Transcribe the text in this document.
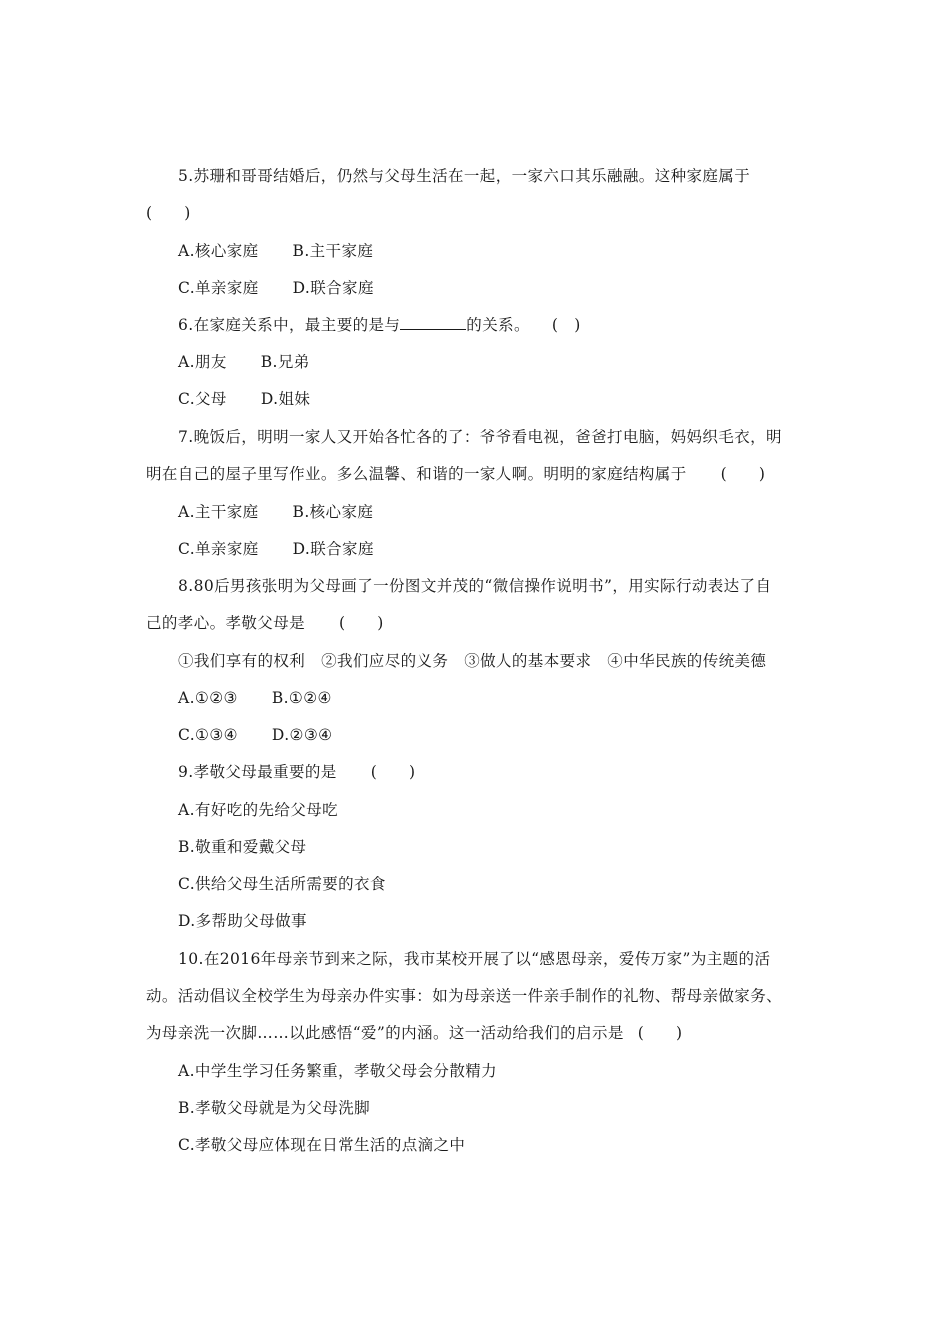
5.苏珊和哥哥结婚后，仍然与父母生活在一起，一家六口其乐融融。这种家庭属于
(　　)
A.核心家庭 B.主干家庭
C.单亲家庭 D.联合家庭
6.在家庭关系中，最主要的是与	的关系。 (　)
A.朋友 B.兄弟
C.父母 D.姐妹
7.晚饭后，明明一家人又开始各忙各的了：爷爷看电视，爸爸打电脑，妈妈织毛衣，明
明在自己的屋子里写作业。多么温馨、和谐的一家人啊。明明的家庭结构属于 (　　)
A.主干家庭 B.核心家庭
C.单亲家庭 D.联合家庭
8.80后男孩张明为父母画了一份图文并茂的“微信操作说明书”，用实际行动表达了自
己的孝心。孝敬父母是 (　　)
①我们享有的权利　②我们应尽的义务　③做人的基本要求　④中华民族的传统美德
A.①②③ B.①②④
C.①③④ D.②③④
9.孝敬父母最重要的是 (　　)
A.有好吃的先给父母吃
B.敬重和爱戴父母
C.供给父母生活所需要的衣食
D.多帮助父母做事
10.在2016年母亲节到来之际，我市某校开展了以“感恩母亲，爱传万家”为主题的活
动。活动倡议全校学生为母亲办件实事：如为母亲送一件亲手制作的礼物、帮母亲做家务、
为母亲洗一次脚……以此感悟“爱”的内涵。这一活动给我们的启示是 (　　)
A.中学生学习任务繁重，孝敬父母会分散精力
B.孝敬父母就是为父母洗脚
C.孝敬父母应体现在日常生活的点滴之中
